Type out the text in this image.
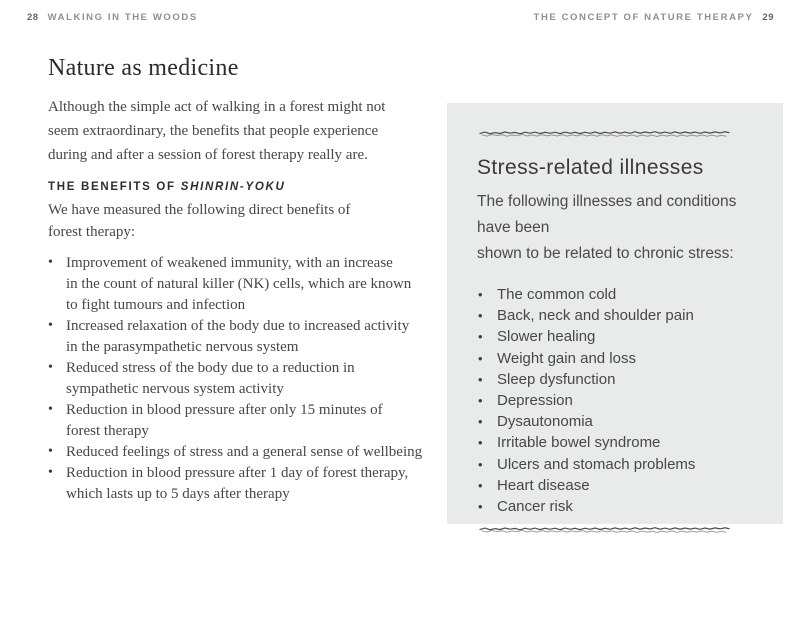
28 WALKING IN THE WOODS	THE CONCEPT OF NATURE THERAPY 29
Nature as medicine
Although the simple act of walking in a forest might not
seem extraordinary, the benefits that people experience
during and after a session of forest therapy really are.
THE BENEFITS OF SHINRIN-YOKU
We have measured the following direct benefits of
forest therapy:
• Improvement of weakened immunity, with an increase
in the count of natural killer (NK) cells, which are known
to fight tumours and infection
• Increased relaxation of the body due to increased activity
in the parasympathetic nervous system
• Reduced stress of the body due to a reduction in
sympathetic nervous system activity
• Reduction in blood pressure after only 15 minutes of
forest therapy
• Reduced feelings of stress and a general sense of wellbeing
• Reduction in blood pressure after 1 day of forest therapy,
which lasts up to 5 days after therapy
Stress-related illnesses
The following illnesses and conditions have been
shown to be related to chronic stress:
• The common cold
• Back, neck and shoulder pain
• Slower healing
• Weight gain and loss
• Sleep dysfunction
• Depression
• Dysautonomia
• Irritable bowel syndrome
• Ulcers and stomach problems
• Heart disease
• Cancer risk
